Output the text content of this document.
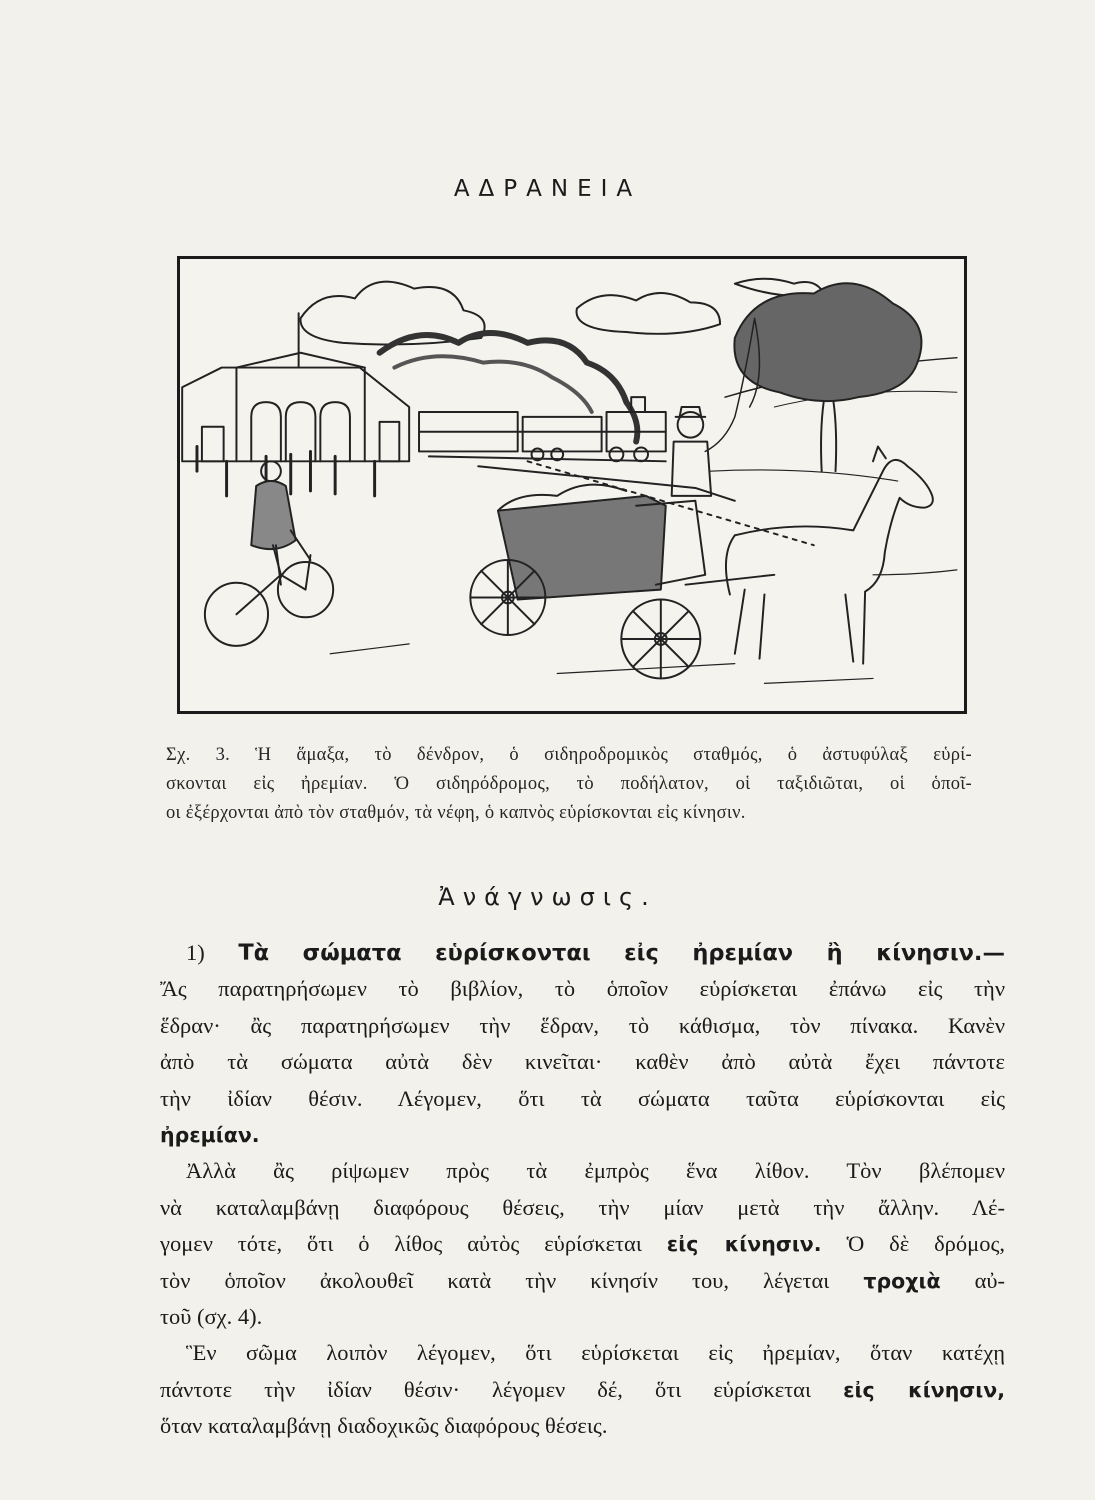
ΑΔΡΑΝΕΙΑ
Σχ. 3. Ἡ ἅμαξα, τὸ δένδρον, ὁ σιδηροδρομικὸς σταθμός, ὁ ἀστυφύλαξ εὑρί-
σκονται εἰς ἠρεμίαν. Ὁ σιδηρόδρομος, τὸ ποδήλατον, οἱ ταξιδιῶται, οἱ ὁποῖ-
οι ἐξέρχονται ἀπὸ τὸν σταθμόν, τὰ νέφη, ὁ καπνὸς εὑρίσκονται εἰς κίνησιν.
Ἀνάγνωσις.
1) Τὰ σώματα εὑρίσκονται εἰς ἠρεμίαν ἢ κίνησιν.—
Ἄς παρατηρήσωμεν τὸ βιβλίον, τὸ ὁποῖον εὑρίσκεται ἐπάνω εἰς τὴν
ἕδραν· ἂς παρατηρήσωμεν τὴν ἕδραν, τὸ κάθισμα, τὸν πίνακα. Κανὲν
ἀπὸ τὰ σώματα αὐτὰ δὲν κινεῖται· καθὲν ἀπὸ αὐτὰ ἔχει πάντοτε
τὴν ἰδίαν θέσιν. Λέγομεν, ὅτι τὰ σώματα ταῦτα εὑρίσκονται εἰς
ἠρεμίαν.
Ἀλλὰ ἂς ρίψωμεν πρὸς τὰ ἐμπρὸς ἕνα λίθον. Τὸν βλέπομεν
νὰ καταλαμβάνῃ διαφόρους θέσεις, τὴν μίαν μετὰ τὴν ἄλλην. Λέ-
γομεν τότε, ὅτι ὁ λίθος αὐτὸς εὑρίσκεται εἰς κίνησιν. Ὁ δὲ δρόμος,
τὸν ὁποῖον ἀκολουθεῖ κατὰ τὴν κίνησίν του, λέγεται τροχιὰ αὐ-
τοῦ (σχ. 4).
Ἓν σῶμα λοιπὸν λέγομεν, ὅτι εὑρίσκεται εἰς ἠρεμίαν, ὅταν κατέχῃ
πάντοτε τὴν ἰδίαν θέσιν· λέγομεν δέ, ὅτι εὑρίσκεται εἰς κίνησιν,
ὅταν καταλαμβάνῃ διαδοχικῶς διαφόρους θέσεις.
